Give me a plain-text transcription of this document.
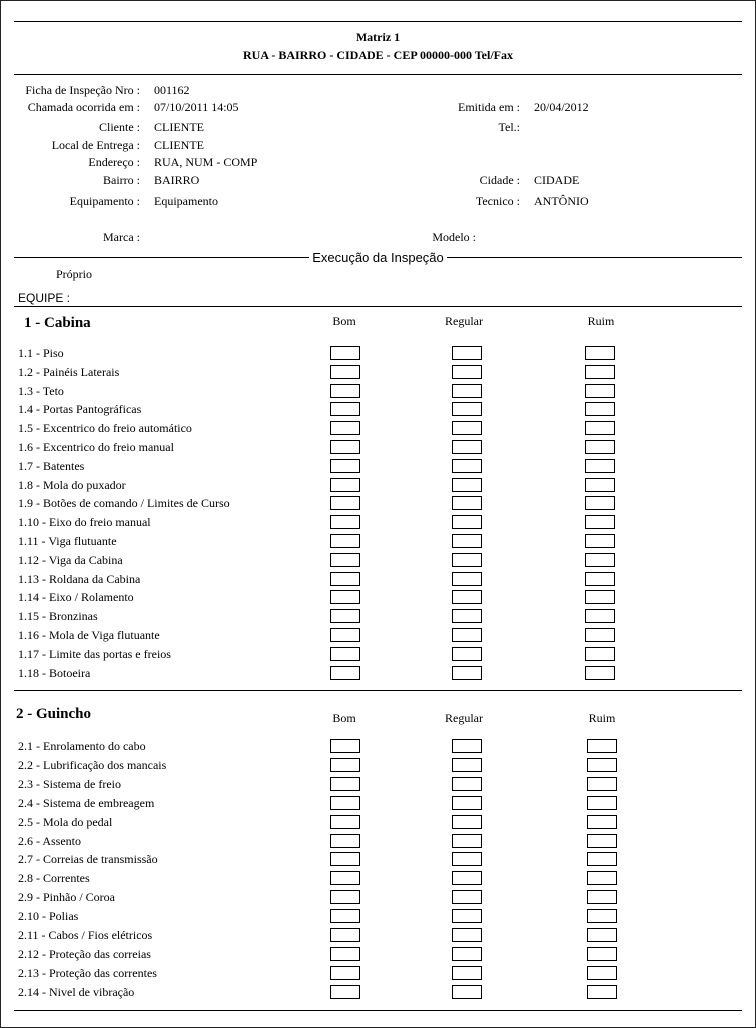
Matriz 1
RUA - BAIRRO - CIDADE - CEP 00000-000 Tel/Fax
Ficha de Inspeção Nro : 001162
Chamada ocorrida em : 07/10/2011 14:05	Emitida em : 20/04/2012
Cliente : CLIENTE	Tel.:
Local de Entrega : CLIENTE
Endereço : RUA, NUM - COMP
Bairro : BAIRRO	Cidade : CIDADE
Equipamento : Equipamento	Tecnico : ANTÔNIO
Marca :	Modelo :
Execução da Inspeção
Próprio
EQUIPE :
1 - Cabina	Bom	Regular	Ruim
1.1 - Piso
1.2 - Painéis Laterais
1.3 - Teto
1.4 - Portas Pantográficas
1.5 - Excentrico do freio automático
1.6 - Excentrico do freio manual
1.7 - Batentes
1.8 - Mola do puxador
1.9 - Botões de comando / Limites de Curso
1.10 - Eixo do freio manual
1.11 - Viga flutuante
1.12 - Viga da Cabina
1.13 - Roldana da Cabina
1.14 - Eixo / Rolamento
1.15 - Bronzinas
1.16 - Mola de Viga flutuante
1.17 - Limite das portas e freios
1.18 - Botoeira
2 - Guincho	Bom	Regular	Ruim
2.1 - Enrolamento do cabo
2.2 - Lubrificação dos mancais
2.3 - Sistema de freio
2.4 - Sistema de embreagem
2.5 - Mola do pedal
2.6 - Assento
2.7 - Correias de transmissão
2.8 - Correntes
2.9 - Pinhão / Coroa
2.10 - Polias
2.11 - Cabos / Fios elétricos
2.12 - Proteção das correias
2.13 - Proteção das correntes
2.14 - Nivel de vibração
